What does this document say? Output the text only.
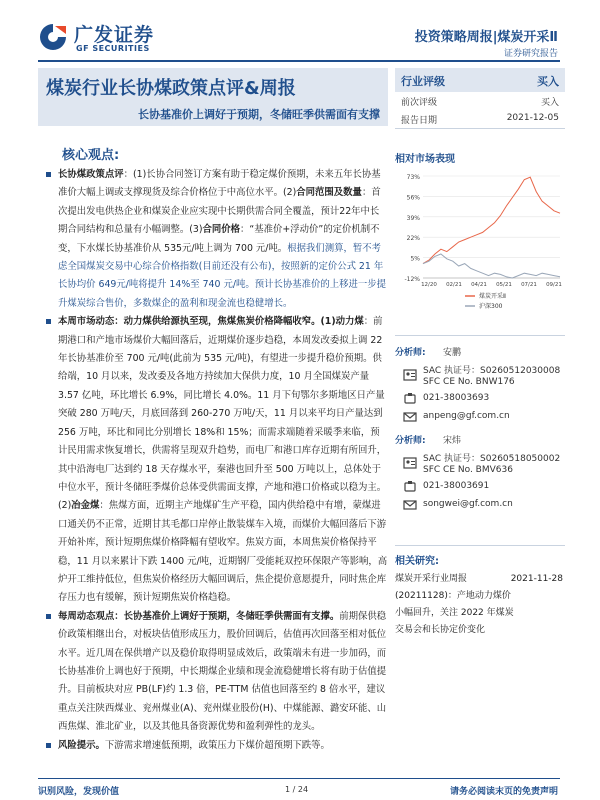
广发证券
GF SECURITIES
投资策略周报|煤炭开采Ⅱ
证券研究报告
煤炭行业长协煤政策点评&周报
长协基准价上调好于预期，冬储旺季供需面有支撑
行业评级	买入
前次评级	买入
报告日期	2021-12-05
核心观点:

长协煤政策点评：(1)长协合同签订方案有助于稳定煤价预期，未来五年长协基准价大幅上调或支撑现货及综合价格位于中高位水平。(2)合同范围及数量：首次提出发电供热企业和煤炭企业应实现中长期供需合同全覆盖，预计22年中长期合同结构和总量有小幅调整。(3)合同价格：“基准价+浮动价”的定价机制不变，下水煤长协基准价从 535元/吨上调为 700 元/吨。根据我们测算，暂不考虑全国煤炭交易中心综合价格指数(目前还没有公布)，按照新的定价公式 21 年长协均价 649元/吨将提升 14%至 740 元/吨。预计长协基准价的上移进一步提升煤炭综合售价，多数煤企的盈利和现金流也稳健增长。

本周市场动态：动力煤供给源执至现，焦煤焦炭价格降幅收窄。(1)动力煤：前期港口和产地市场煤价大幅回落后，近期煤价逐步趋稳，本周发改委拟上调 22 年长协基准价至 700 元/吨(此前为 535 元/吨)，有望进一步提升稳价预期。供给端，10 月以来，发改委及各地方持续加大保供力度，10 月全国煤炭产量 3.57 亿吨，环比增长 6.9%，同比增长 4.0%。11 月下旬鄂尔多斯地区日产量突破 280 万吨/天，月底回落到 260-270 万吨/天，11 月以来平均日产量达到 256 万吨，环比和同比分别增长 18%和 15%；而需求端随着采暖季来临，预计民用需求恢复增长，供需将呈现双升趋势，而电厂和港口库存近期有所回升，其中沿海电厂达到约 18 天存煤水平，秦港也回升至 500 万吨以上，总体处于中位水平，预计冬储旺季煤价总体受供需面支撑，产地和港口价格或以稳为主。(2)冶金煤：焦煤方面，近期主产地煤矿生产平稳，国内供给稳中有增，蒙煤进口通关仍不正常，近期甘其毛都口岸停止散装煤车入境，而煤价大幅回落后下游开始补库，预计短期焦煤价格降幅有望收窄。焦炭方面，本周焦炭价格保持平稳，11 月以来累计下跌 1400 元/吨，近期钢厂受能耗双控环保限产等影响，高炉开工维持低位，但焦炭价格经历大幅回调后，焦企提价意愿提升，同时焦企库存压力也有缓解，预计短期焦炭价格趋稳。

每周动态观点：长协基准价上调好于预期，冬储旺季供需面有支撑。前期保供稳价政策相继出台，对板块估值形成压力，股价回调后，估值再次回落至相对低位水平。近几周在保供增产以及稳价取得明显成效后，政策端未有进一步加码，而长协基准价上调也好于预期，中长期煤企业绩和现金流稳健增长将有助于估值提升。目前板块对应 PB(LF)约 1.3 倍，PE-TTM 估值也回落至约 8 倍水平，建议重点关注陕西煤业、兖州煤业(A)、兖州煤业股份(H)、中煤能源、潞安环能、山西焦煤、淮北矿业，以及其他具备资源优势和盈利弹性的龙头。

风险提示。下游需求增速低预期，政策压力下煤价超预期下跌等。

相对市场表现
-12%
5%
22%
39%
56%
73%
12/20 02/21 04/21 05/21 07/21 09/21
煤炭开采Ⅱ
沪深300
分析师: 安鹏
SAC 执证号：S0260512030008
SFC CE No. BNW176
021-38003693
anpeng@gf.com.cn
分析师: 宋炜
SAC 执证号：S0260518050002
SFC CE No. BMV636
021-38003691
songwei@gf.com.cn
相关研究:
煤炭开采行业周报	2021-11-28
(20211128)：产地动力煤价
小幅回升，关注 2022 年煤炭
交易会和长协定价变化
识别风险，发现价值	1 / 24	请务必阅读末页的免责声明
